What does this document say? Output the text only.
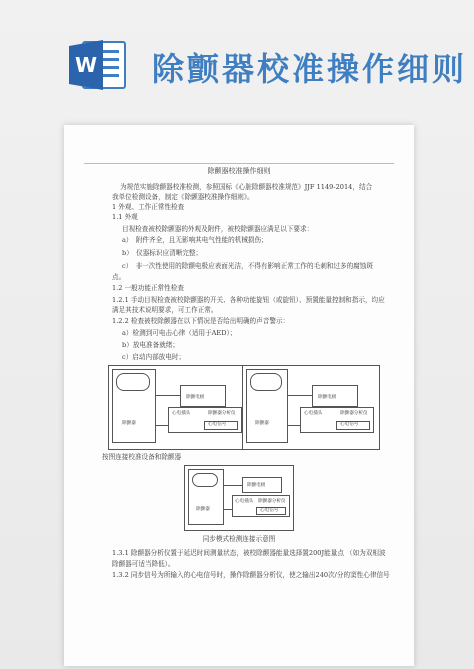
W 除颤器校准操作细则
除颤器校准操作细则
为规范实施除颤器校准检测，参照国标《心脏除颤器校准规范》JJF 1149-2014，结合
我单位检测设备，制定《除颤器校准操作细则》。
1 外观、工作正常性检查
1.1 外观
目视检查被校除颤器的外观及附件，被校除颤器应满足以下要求：
a）　附件齐全，且无影响其电气性能的机械损伤；
b）　仪器标识应清晰完整；
c）　非一次性使用的除颤电极应表面光洁，不得有影响正常工作的毛刺和过多的腐蚀斑
点。
1.2 一般功能正常性检查
1.2.1 手动目视检查被校除颤器的开关、各种功能旋钮（或旋钮）、预置能量控制和指示，均应
满足其技术说明要求，可工作正常。
1.2.2 检查被校除颤器在以下情况是否给出明确的声音警示：
a）检测到可电击心律（适用于AED）；
b）放电准备就绪；
c）启动内部放电时；
除颤器
除颤电极
心电插头	除颤器分析仪
心电信号	除颤器
除颤电极
心电插头	除颤器分析仪
心电信号
按图连接校准设备和除颤器
除颤器
除颤电极
心电插头 除颤器分析仪
心电信号
同步模式检测连接示意图
1.3.1 除颤器分析仪置于延迟时间测量状态，被校除颤器能量选择置200J能量点 （如为双相波
除颤器可适当降低）。
1.3.2 同步信号为所输入的心电信号时，操作除颤器分析仪，使之输出240次/分的窦性心律信号
